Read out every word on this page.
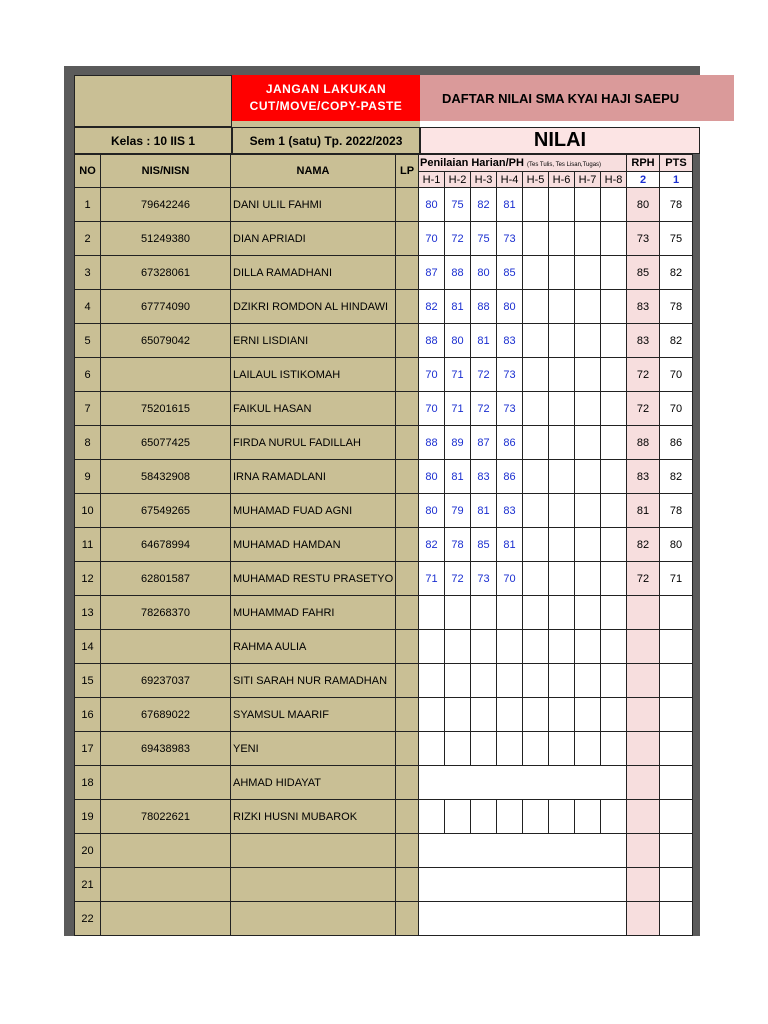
JANGAN LAKUKAN
CUT/MOVE/COPY-PASTE
DAFTAR NILAI SMA KYAI HAJI SAEPU
Kelas : 10 IIS 1	Sem 1 (satu) Tp. 2022/2023	NILAI
NO	NIS/NISN	NAMA	LP	Penilaian Harian/PH (Tes Tulis, Tes Lisan,Tugas)								RPH	PTS
				H-1	H-2	H-3	H-4	H-5	H-6	H-7	H-8	2	1
1	79642246	DANI ULIL FAHMI		80	75	82	81					80	78
2	51249380	DIAN APRIADI		70	72	75	73					73	75
3	67328061	DILLA RAMADHANI		87	88	80	85					85	82
4	67774090	DZIKRI ROMDON AL HINDAWI		82	81	88	80					83	78
5	65079042	ERNI LISDIANI		88	80	81	83					83	82
6		LAILAUL ISTIKOMAH		70	71	72	73					72	70
7	75201615	FAIKUL HASAN		70	71	72	73					72	70
8	65077425	FIRDA NURUL FADILLAH		88	89	87	86					88	86
9	58432908	IRNA RAMADLANI		80	81	83	86					83	82
10	67549265	MUHAMAD FUAD AGNI		80	79	81	83					81	78
11	64678994	MUHAMAD HAMDAN		82	78	85	81					82	80
12	62801587	MUHAMAD RESTU PRASETYO		71	72	73	70					72	71
13	78268370	MUHAMMAD FAHRI											
14		RAHMA AULIA											
15	69237037	SITI SARAH NUR RAMADHAN											
16	67689022	SYAMSUL MAARIF											
17	69438983	YENI											
18		AHMAD HIDAYAT											
19	78022621	RIZKI HUSNI MUBAROK											
20													
21													
22													
